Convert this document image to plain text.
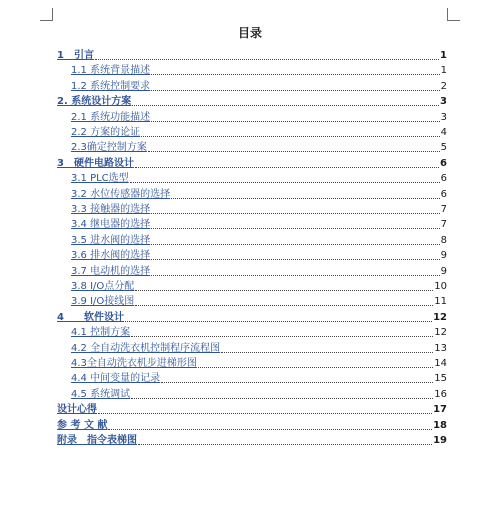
目录
1　引言	1
1.1 系统背景描述	1
1.2 系统控制要求	2
2. 系统设计方案	3
2.1 系统功能描述	3
2.2 方案的论证	4
2.3确定控制方案	5
3　硬件电路设计	6
3.1 PLC选型	6
3.2 水位传感器的选择	6
3.3 接触器的选择	7
3.4 继电器的选择	7
3.5 进水阀的选择	8
3.6 排水阀的选择	9
3.7 电动机的选择	9
3.8 I/O点分配	10
3.9 I/O接线图	11
4　　软件设计	12
4.1 控制方案	12
4.2 全自动洗衣机控制程序流程图	13
4.3全自动洗衣机步进梯形图	14
4.4 中间变量的记录	15
4.5 系统调试	16
设计心得	17
参 考 文 献	18
附录　指令表梯图	19
